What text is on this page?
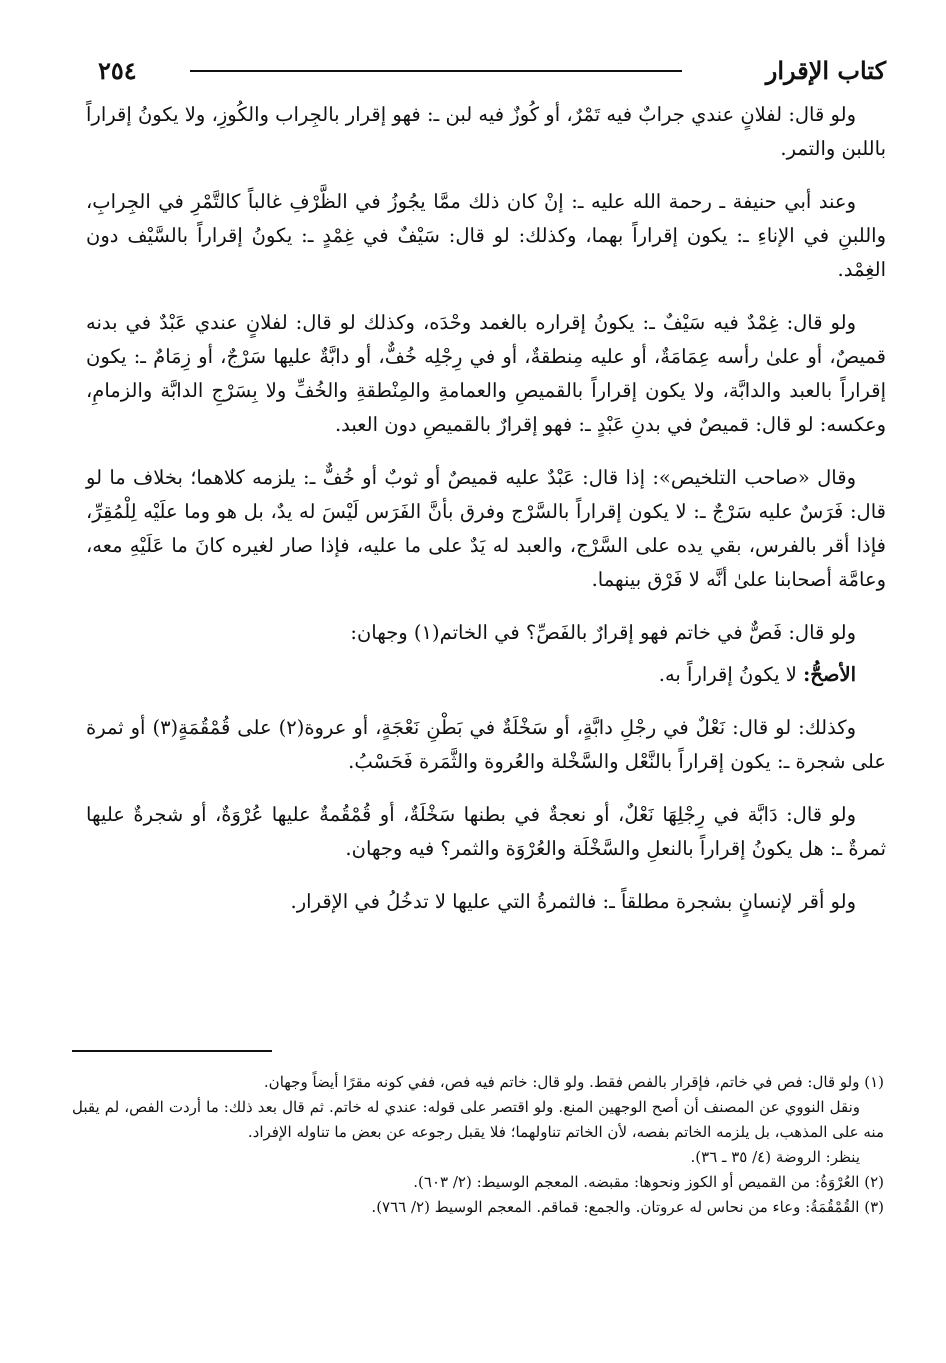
كتاب الإقرار
٢٥٤

ولو قال: لفلانٍ عندي جرابٌ فيه تَمْرٌ، أو كُوزٌ فيه لبن ـ: فهو إقرار بالجِراب والكُوزِ، ولا يكونُ إقراراً باللبن والتمر.

وعند أبي حنيفة ـ رحمة الله عليه ـ: إنْ كان ذلك ممَّا يجُوزُ في الظَّرْفِ غالباً كالتَّمْرِ في الجِرابِ، واللبنِ في الإناءِ ـ: يكون إقراراً بهما، وكذلك: لو قال: سَيْفٌ في غِمْدٍ ـ: يكونُ إقراراً بالسَّيْف دون الغِمْد.

ولو قال: غِمْدٌ فيه سَيْفٌ ـ: يكونُ إقراره بالغمد وحْدَه، وكذلك لو قال: لفلانٍ عندي عَبْدٌ في بدنه قميصٌ، أو علىٰ رأسه عِمَامَةٌ، أو عليه مِنطقةٌ، أو في رِجْلِه خُفٌّ، أو دابَّةٌ عليها سَرْجٌ، أو زِمَامٌ ـ: يكون إقراراً بالعبد والدابَّة، ولا يكون إقراراً بالقميصِ والعمامةِ والمِنْطقةِ والخُفِّ ولا بِسَرْجِ الدابَّة والزمامِ، وعكسه: لو قال: قميصٌ في بدنِ عَبْدٍ ـ: فهو إقرارٌ بالقميصِ دون العبد.

وقال «صاحب التلخيص»: إذا قال: عَبْدٌ عليه قميصٌ أو ثوبٌ أو خُفٌّ ـ: يلزمه كلاهما؛ بخلاف ما لو قال: فَرَسٌ عليه سَرْجٌ ـ: لا يكون إقراراً بالسَّرْج وفرق بأنَّ الفَرَس لَيْسَ له يدٌ، بل هو وما علَيْه لِلْمُقِرِّ، فإذا أقر بالفرس، بقي يده على السَّرْج، والعبد له يَدٌ على ما عليه، فإذا صار لغيره كانَ ما عَلَيْهِ معه، وعامَّة أصحابنا علىٰ أنَّه لا فَرْق بينهما.

ولو قال: فَصٌّ في خاتم فهو إقرارٌ بالفَصِّ؟ في الخاتم(١) وجهان:

الأصحُّ: لا يكونُ إقراراً به.

وكذلك: لو قال: نَعْلٌ في رجْلِ دابَّةٍ، أو سَخْلَةٌ في بَطْنِ نَعْجَةٍ، أو عروة(٢) على قُمْقُمَةٍ(٣) أو ثمرة على شجرة ـ: يكون إقراراً بالنَّعْل والسَّخْلة والعُروة والثَّمَرة فَحَسْبُ.

ولو قال: دَابَّة في رِجْلِهَا نَعْلٌ، أو نعجةٌ في بطنها سَخْلَةٌ، أو قُمْقُمةٌ عليها عُرْوَةٌ، أو شجرةٌ عليها ثمرةٌ ـ: هل يكونُ إقراراً بالنعلِ والسَّخْلَة والعُرْوَة والثمر؟ فيه وجهان.

ولو أقر لإنسانٍ بشجرة مطلقاً ـ: فالثمرةُ التي عليها لا تدخُلُ في الإقرار.

(١) ولو قال: فص في خاتم، فإقرار بالفص فقط. ولو قال: خاتم فيه فص، ففي كونه مقرًا أيضاً وجهان.

ونقل النووي عن المصنف أن أصح الوجهين المنع. ولو اقتصر على قوله: عندي له خاتم. ثم قال بعد ذلك: ما أردت الفص، لم يقبل منه على المذهب، بل يلزمه الخاتم بفصه، لأن الخاتم تناولهما؛ فلا يقبل رجوعه عن بعض ما تناوله الإفراد.

ينظر: الروضة (٤/ ٣٥ ـ ٣٦).

(٢) العُرْوَةُ: من القميص أو الكوز ونحوها: مقبضه. المعجم الوسيط: (٢/ ٦٠٣).

(٣) القُمْقُمَةُ: وعاء من نحاس له عروتان. والجمع: قماقم. المعجم الوسيط (٢/ ٧٦٦).
